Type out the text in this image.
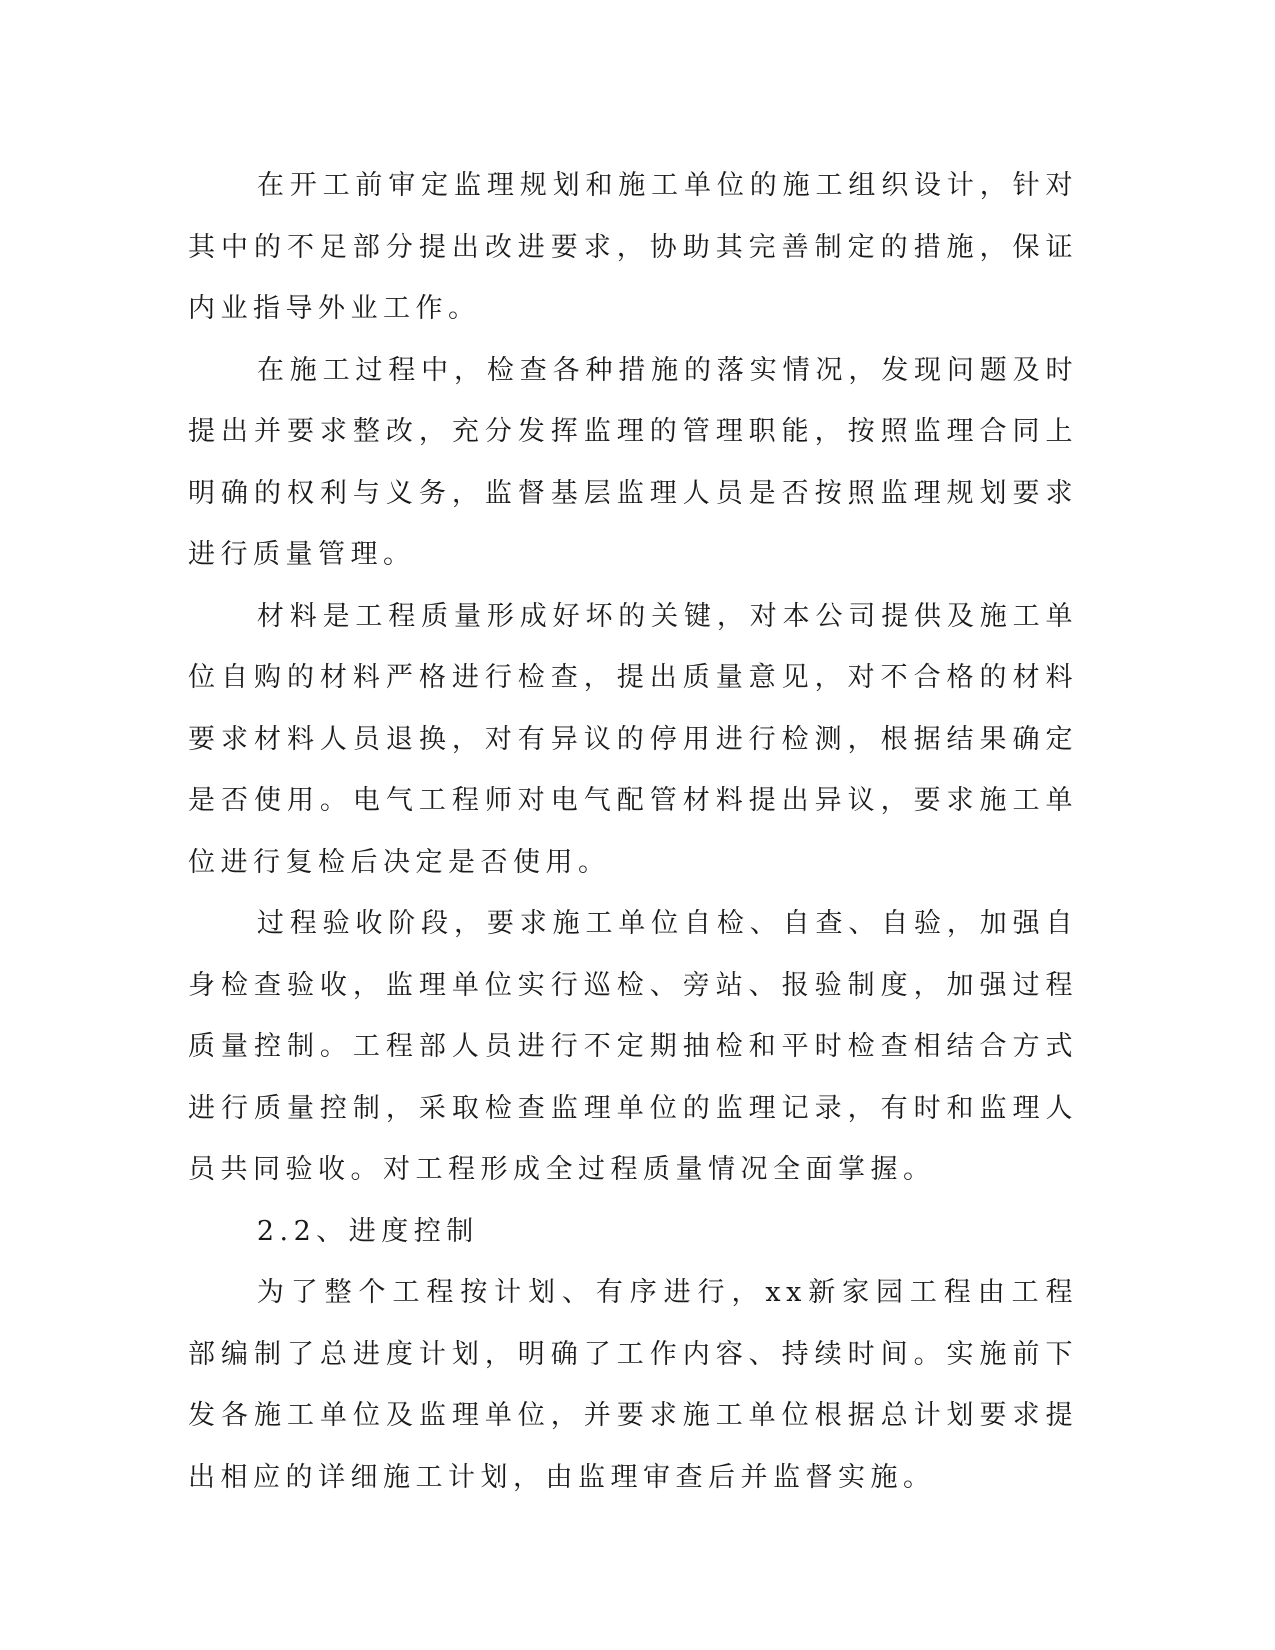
在开工前审定监理规划和施工单位的施工组织设计，针对其中的不足部分提出改进要求，协助其完善制定的措施，保证内业指导外业工作。

在施工过程中，检查各种措施的落实情况，发现问题及时提出并要求整改，充分发挥监理的管理职能，按照监理合同上明确的权利与义务，监督基层监理人员是否按照监理规划要求进行质量管理。

材料是工程质量形成好坏的关键，对本公司提供及施工单位自购的材料严格进行检查，提出质量意见，对不合格的材料要求材料人员退换，对有异议的停用进行检测，根据结果确定是否使用。电气工程师对电气配管材料提出异议，要求施工单位进行复检后决定是否使用。

过程验收阶段，要求施工单位自检、自查、自验，加强自身检查验收，监理单位实行巡检、旁站、报验制度，加强过程质量控制。工程部人员进行不定期抽检和平时检查相结合方式进行质量控制，采取检查监理单位的监理记录，有时和监理人员共同验收。对工程形成全过程质量情况全面掌握。

2.2、进度控制

为了整个工程按计划、有序进行，xx新家园工程由工程部编制了总进度计划，明确了工作内容、持续时间。实施前下发各施工单位及监理单位，并要求施工单位根据总计划要求提出相应的详细施工计划，由监理审查后并监督实施。
